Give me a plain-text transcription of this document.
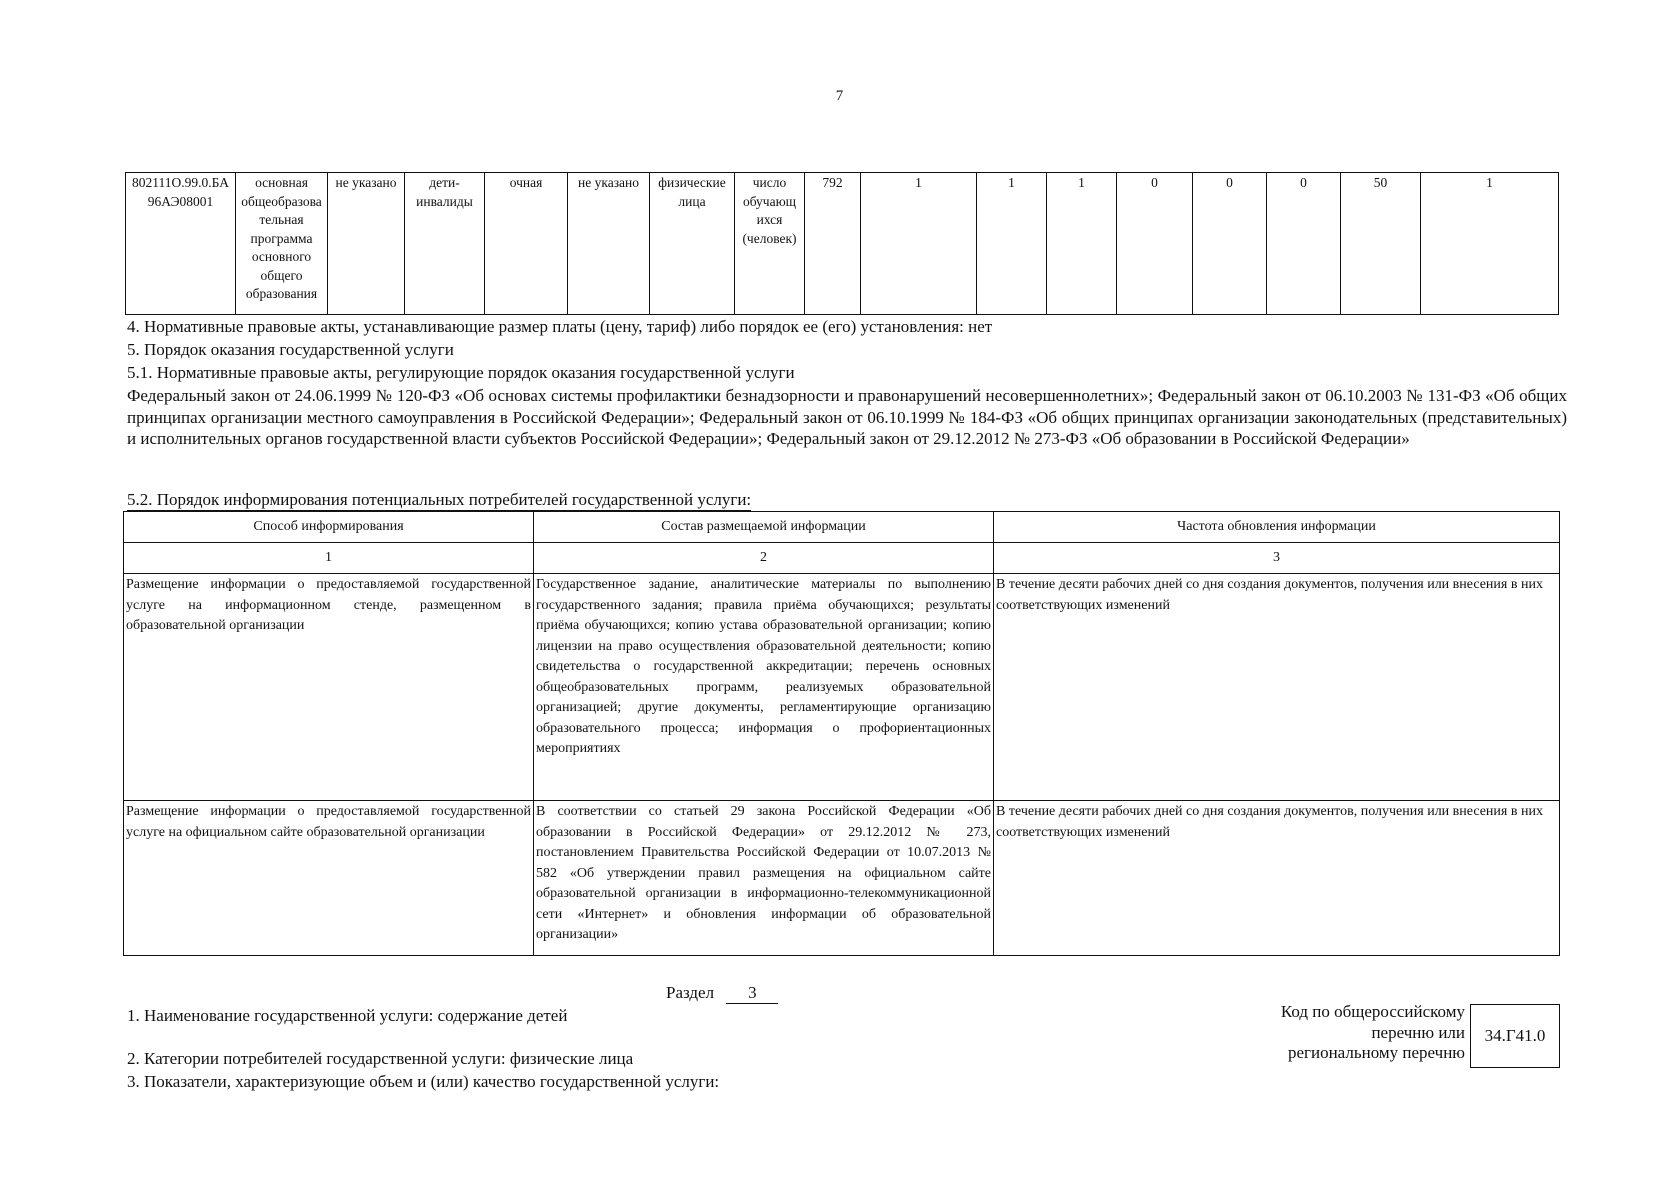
7
802111О.99.0.БА 96АЭ08001	основная общеобразова тельная программа основного общего образования	не указано	дети-инвалиды	очная	не указано	физические лица	число обучающ ихся (человек)	792	1	1	1	0	0	0	50	1
4. Нормативные правовые акты, устанавливающие размер платы (цену, тариф) либо порядок ее (его) установления: нет
5. Порядок оказания государственной услуги
5.1. Нормативные правовые акты, регулирующие порядок оказания государственной услуги
Федеральный закон от 24.06.1999 № 120-ФЗ «Об основах системы профилактики безнадзорности и правонарушений несовершеннолетних»; Федеральный закон от 06.10.2003 № 131-ФЗ «Об общих принципах организации местного самоуправления в Российской Федерации»; Федеральный закон от 06.10.1999 № 184-ФЗ «Об общих принципах организации законодательных (представительных) и исполнительных органов государственной власти субъектов Российской Федерации»; Федеральный закон от 29.12.2012 № 273-ФЗ «Об образовании в Российской Федерации»
5.2. Порядок информирования потенциальных потребителей государственной услуги:
Способ информирования	Состав размещаемой информации	Частота обновления информации
1	2	3
Размещение информации о предоставляемой государственной услуге на информационном стенде, размещенном в образовательной организации	Государственное задание, аналитические материалы по выполнению государственного задания; правила приёма обучающихся; результаты приёма обучающихся; копию устава образовательной организации; копию лицензии на право осуществления образовательной деятельности; копию свидетельства о государственной аккредитации; перечень основных общеобразовательных программ, реализуемых образовательной организацией; другие документы, регламентирующие организацию образовательного процесса; информация о профориентационных мероприятиях	В течение десяти рабочих дней со дня создания документов, получения или внесения в них соответствующих изменений
Размещение информации о предоставляемой государственной услуге на официальном сайте образовательной организации	В соответствии со статьей 29 закона Российской Федерации «Об образовании в Российской Федерации» от 29.12.2012 № 273, постановлением Правительства Российской Федерации от 10.07.2013 № 582 «Об утверждении правил размещения на официальном сайте образовательной организации в информационно-телекоммуникационной сети «Интернет» и обновления информации об образовательной организации»	В течение десяти рабочих дней со дня создания документов, получения или внесения в них соответствующих изменений
Раздел 3
1. Наименование государственной услуги: содержание детей
2. Категории потребителей государственной услуги: физические лица
3. Показатели, характеризующие объем и (или) качество государственной услуги:
Код по общероссийскому
перечню или
региональному перечню
34.Г41.0
